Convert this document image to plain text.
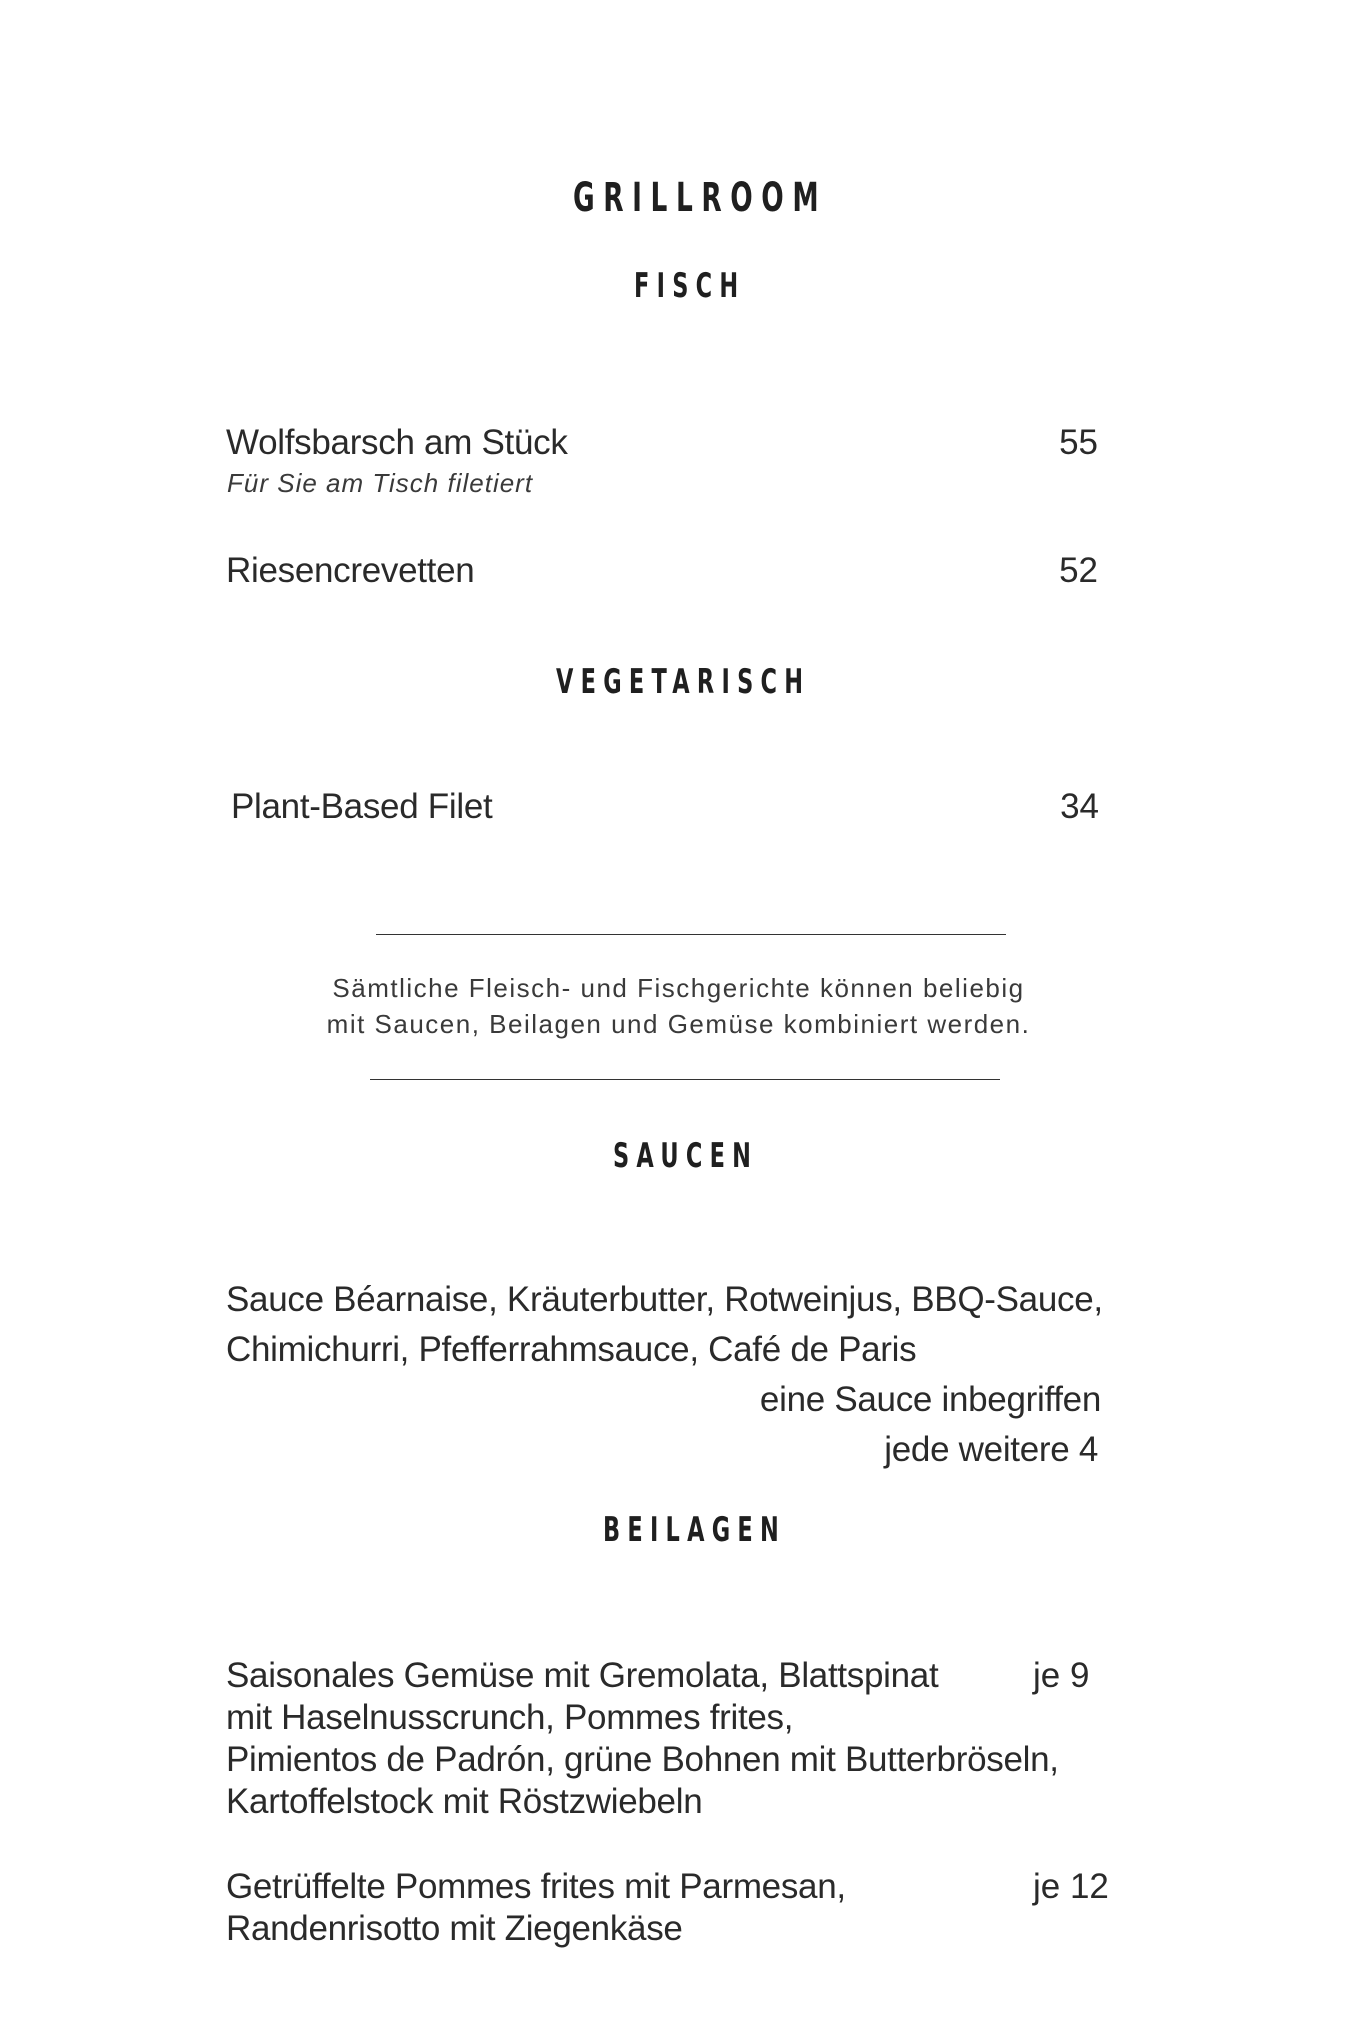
GRILLROOM
FISCH
Wolfsbarsch am Stück
Für Sie am Tisch filetiert
55
Riesencrevetten	52
VEGETARISCH
Plant-Based Filet	34
Sämtliche Fleisch- und Fischgerichte können beliebig
mit Saucen, Beilagen und Gemüse kombiniert werden.
SAUCEN
Sauce Béarnaise, Kräuterbutter, Rotweinjus, BBQ-Sauce,
Chimichurri, Pfefferrahmsauce, Café de Paris
eine Sauce inbegriffen
jede weitere 4
BEILAGEN
Saisonales Gemüse mit Gremolata, Blattspinat
mit Haselnusscrunch, Pommes frites,
Pimientos de Padrón, grüne Bohnen mit Butterbröseln,
Kartoffelstock mit Röstzwiebeln
je 9
Getrüffelte Pommes frites mit Parmesan,
Randenrisotto mit Ziegenkäse
je 12
